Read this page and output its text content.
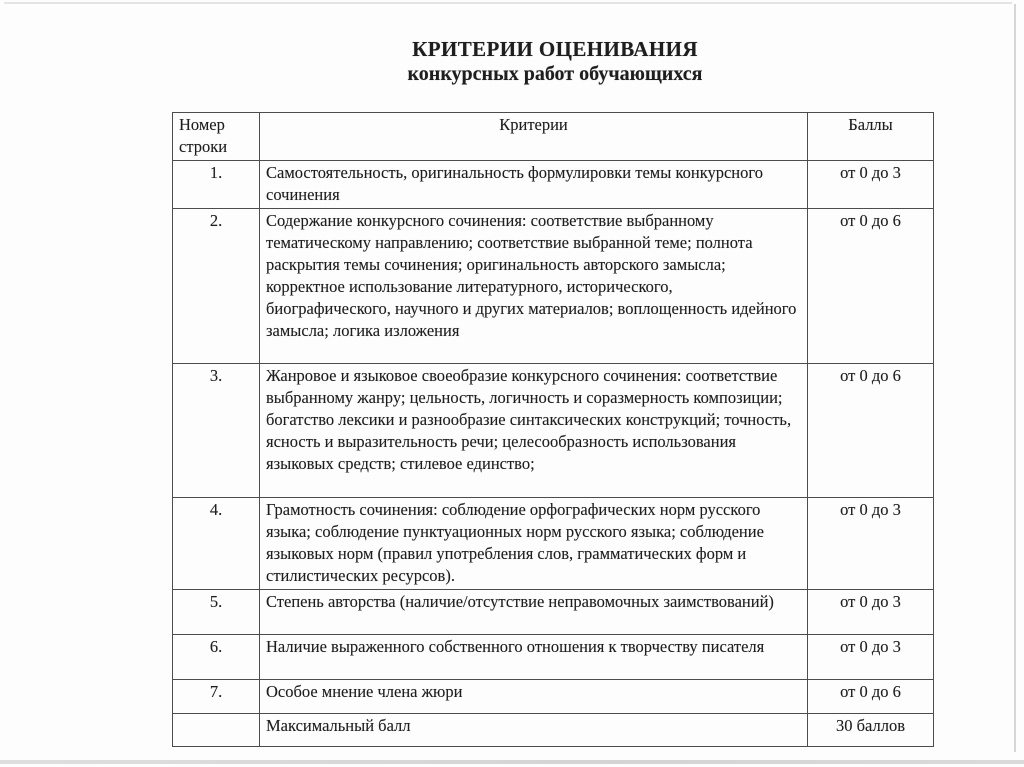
КРИТЕРИИ ОЦЕНИВАНИЯ
конкурсных работ обучающихся
Номер строки	Критерии	Баллы
1.	Самостоятельность, оригинальность формулировки темы конкурсного сочинения	от 0 до 3
2.	Содержание конкурсного сочинения: соответствие выбранному тематическому направлению; соответствие выбранной теме; полнота раскрытия темы сочинения; оригинальность авторского замысла; корректное использование литературного, исторического, биографического, научного и других материалов; воплощенность идейного замысла; логика изложения	от 0 до 6
3.	Жанровое и языковое своеобразие конкурсного сочинения: соответствие выбранному жанру; цельность, логичность и соразмерность композиции; богатство лексики и разнообразие синтаксических конструкций; точность, ясность и выразительность речи; целесообразность использования языковых средств; стилевое единство;	от 0 до 6
4.	Грамотность сочинения: соблюдение орфографических норм русского языка; соблюдение пунктуационных норм русского языка; соблюдение языковых норм (правил употребления слов, грамматических форм и стилистических ресурсов).	от 0 до 3
5.	Степень авторства (наличие/отсутствие неправомочных заимствований)	от 0 до 3
6.	Наличие выраженного собственного отношения к творчеству писателя	от 0 до 3
7.	Особое мнение члена жюри	от 0 до 6
	Максимальный балл	30 баллов
